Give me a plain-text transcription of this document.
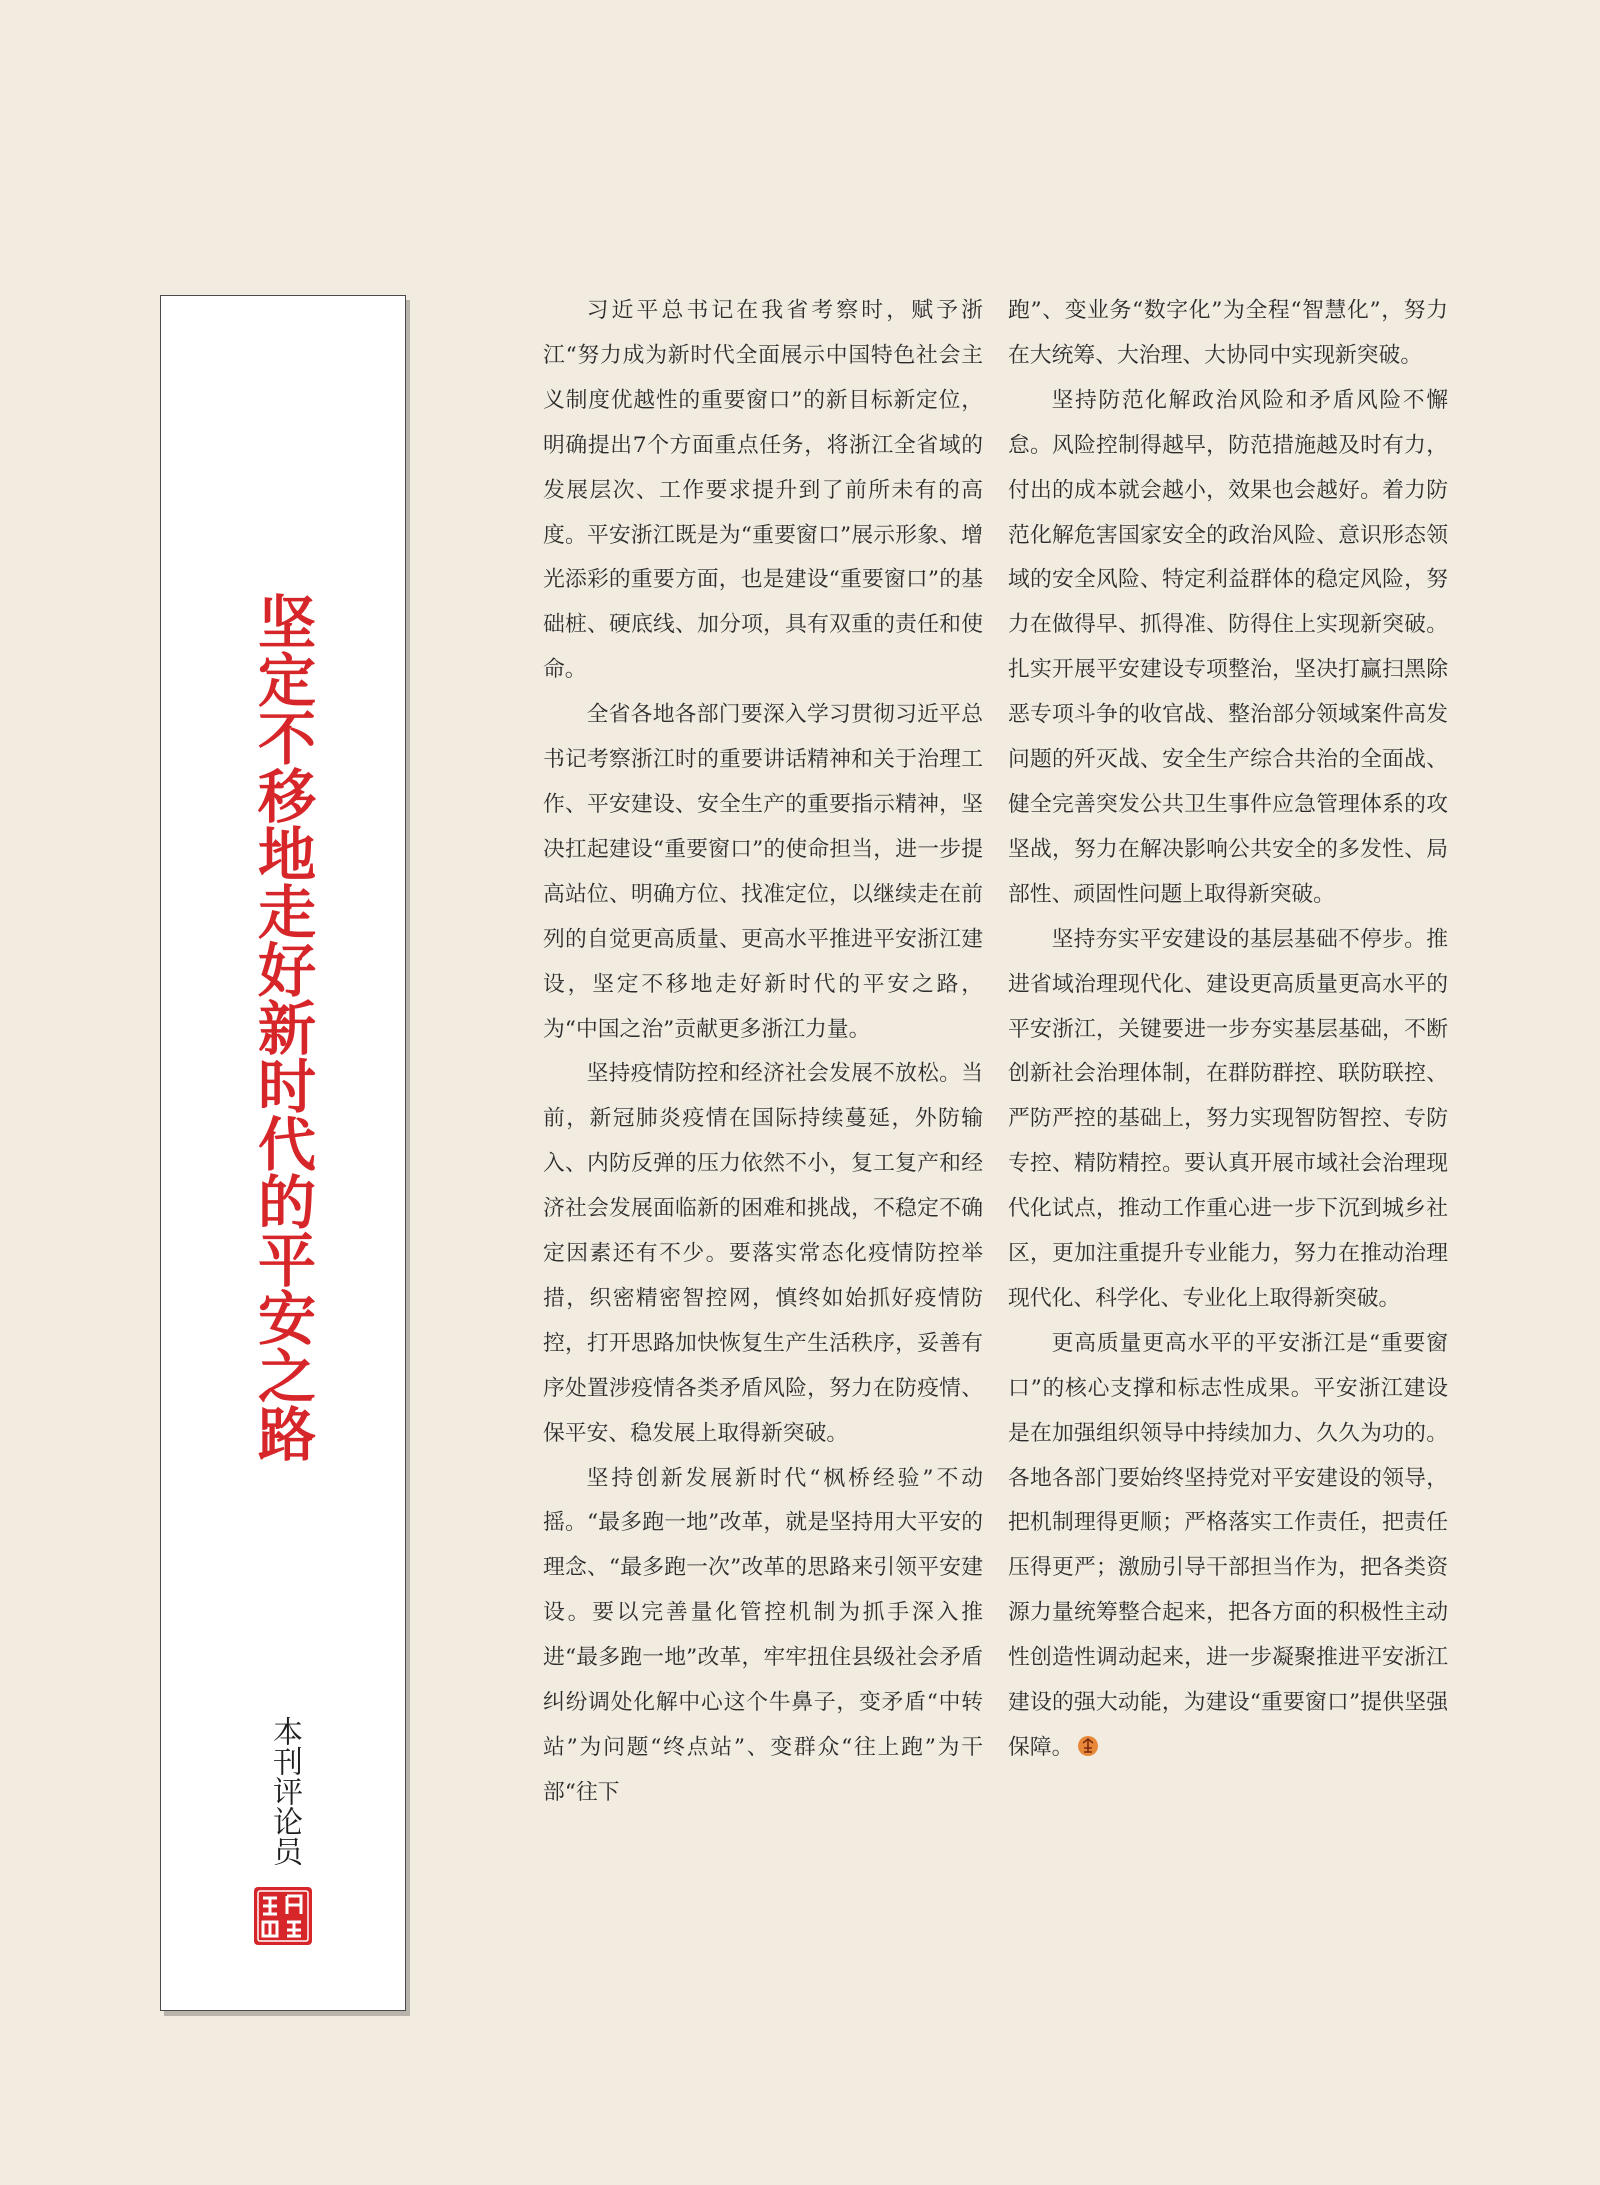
坚定不移地走好新时代的平安之路
本刊评论员

习近平总书记在我省考察时，赋予浙江“努力成为新时代全面展示中国特色社会主义制度优越性的重要窗口”的新目标新定位，明确提出7个方面重点任务，将浙江全省域的发展层次、工作要求提升到了前所未有的高度。平安浙江既是为“重要窗口”展示形象、增光添彩的重要方面，也是建设“重要窗口”的基础桩、硬底线、加分项，具有双重的责任和使命。

全省各地各部门要深入学习贯彻习近平总书记考察浙江时的重要讲话精神和关于治理工作、平安建设、安全生产的重要指示精神，坚决扛起建设“重要窗口”的使命担当，进一步提高站位、明确方位、找准定位，以继续走在前列的自觉更高质量、更高水平推进平安浙江建设，坚定不移地走好新时代的平安之路，为“中国之治”贡献更多浙江力量。

坚持疫情防控和经济社会发展不放松。当前，新冠肺炎疫情在国际持续蔓延，外防输入、内防反弹的压力依然不小，复工复产和经济社会发展面临新的困难和挑战，不稳定不确定因素还有不少。要落实常态化疫情防控举措，织密精密智控网，慎终如始抓好疫情防控，打开思路加快恢复生产生活秩序，妥善有序处置涉疫情各类矛盾风险，努力在防疫情、保平安、稳发展上取得新突破。

坚持创新发展新时代“枫桥经验”不动摇。“最多跑一地”改革，就是坚持用大平安的理念、“最多跑一次”改革的思路来引领平安建设。要以完善量化管控机制为抓手深入推进“最多跑一地”改革，牢牢扭住县级社会矛盾纠纷调处化解中心这个牛鼻子，变矛盾“中转站”为问题“终点站”、变群众“往上跑”为干部“往下

跑”、变业务“数字化”为全程“智慧化”，努力在大统筹、大治理、大协同中实现新突破。

坚持防范化解政治风险和矛盾风险不懈怠。风险控制得越早，防范措施越及时有力，付出的成本就会越小，效果也会越好。着力防范化解危害国家安全的政治风险、意识形态领域的安全风险、特定利益群体的稳定风险，努力在做得早、抓得准、防得住上实现新突破。扎实开展平安建设专项整治，坚决打赢扫黑除恶专项斗争的收官战、整治部分领域案件高发问题的歼灭战、安全生产综合共治的全面战、健全完善突发公共卫生事件应急管理体系的攻坚战，努力在解决影响公共安全的多发性、局部性、顽固性问题上取得新突破。

坚持夯实平安建设的基层基础不停步。推进省域治理现代化、建设更高质量更高水平的平安浙江，关键要进一步夯实基层基础，不断创新社会治理体制，在群防群控、联防联控、严防严控的基础上，努力实现智防智控、专防专控、精防精控。要认真开展市域社会治理现代化试点，推动工作重心进一步下沉到城乡社区，更加注重提升专业能力，努力在推动治理现代化、科学化、专业化上取得新突破。

更高质量更高水平的平安浙江是“重要窗口”的核心支撑和标志性成果。平安浙江建设是在加强组织领导中持续加力、久久为功的。各地各部门要始终坚持党对平安建设的领导，把机制理得更顺；严格落实工作责任，把责任压得更严；激励引导干部担当作为，把各类资源力量统筹整合起来，把各方面的积极性主动性创造性调动起来，进一步凝聚推进平安浙江建设的强大动能，为建设“重要窗口”提供坚强保障。
